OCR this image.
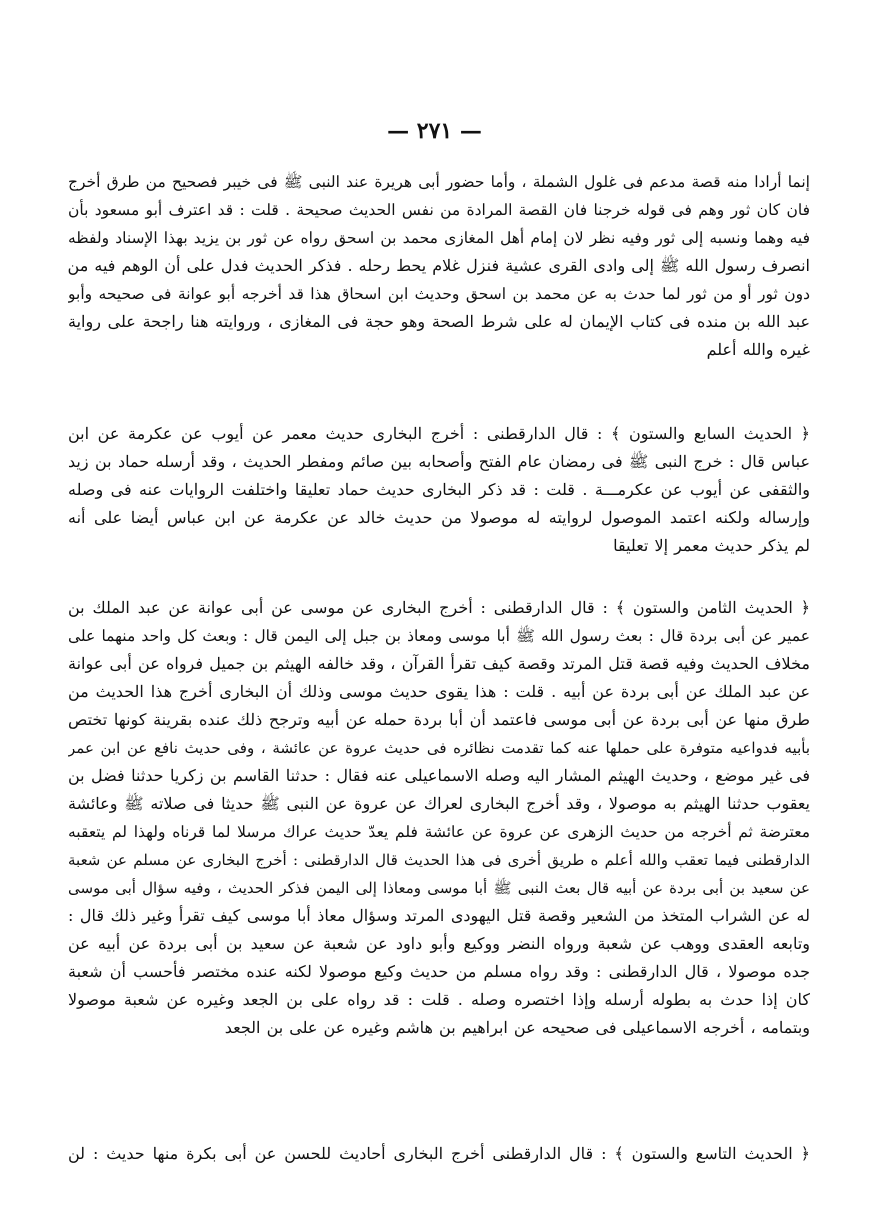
— ٢٧١ —
إنما أرادا منه قصة مدعم فى غلول الشملة ، وأما حضور أبى هريرة عند النبى ﷺ فى خيبر فصحيح من طرق أخرج
فان كان ثور وهم فى قوله خرجنا فان القصة المرادة من نفس الحديث صحيحة . قلت : قد اعترف أبو مسعود بأن
فيه وهما ونسبه إلى ثور وفيه نظر لان إمام أهل المغازى محمد بن اسحق رواه عن ثور بن يزيد بهذا الإسناد ولفظه
انصرف رسول الله ﷺ إلى وادى القرى عشية فنزل غلام يحط رحله . فذكر الحديث فدل على أن الوهم فيه من
دون ثور أو من ثور لما حدث به عن محمد بن اسحق وحديث ابن اسحاق هذا قد أخرجه أبو عوانة فى صحيحه وأبو
عبد الله بن منده فى كتاب الإيمان له على شرط الصحة وهو حجة فى المغازى ، وروايته هنا راجحة على رواية
غيره والله أعلم
﴿ الحديث السابع والستون ﴾ : قال الدارقطنى : أخرج البخارى حديث معمر عن أيوب عن عكرمة عن ابن
عباس قال : خرج النبى ﷺ فى رمضان عام الفتح وأصحابه بين صائم ومفطر الحديث ، وقد أرسله حماد بن زيد
والثقفى عن أيوب عن عكرمـــة . قلت : قد ذكر البخارى حديث حماد تعليقا واختلفت الروايات عنه فى وصله
وإرساله ولكنه اعتمد الموصول لروايته له موصولا من حديث خالد عن عكرمة عن ابن عباس أيضا على أنه
لم يذكر حديث معمر إلا تعليقا
﴿ الحديث الثامن والستون ﴾ : قال الدارقطنى : أخرج البخارى عن موسى عن أبى عوانة عن عبد الملك بن
عمير عن أبى بردة قال : بعث رسول الله ﷺ أبا موسى ومعاذ بن جبل إلى اليمن قال : وبعث كل واحد منهما على
مخلاف الحديث وفيه قصة قتل المرتد وقصة كيف تقرأ القرآن ، وقد خالفه الهيثم بن جميل فرواه عن أبى عوانة
عن عبد الملك عن أبى بردة عن أبيه . قلت : هذا يقوى حديث موسى وذلك أن البخارى أخرج هذا الحديث من
طرق منها عن أبى بردة عن أبى موسى فاعتمد أن أبا بردة حمله عن أبيه وترجح ذلك عنده بقرينة كونها تختص
بأبيه فدواعيه متوفرة على حملها عنه كما تقدمت نظائره فى حديث عروة عن عائشة ، وفى حديث نافع عن ابن عمر
فى غير موضع ، وحديث الهيثم المشار اليه وصله الاسماعيلى عنه فقال : حدثنا القاسم بن زكريا حدثنا فضل بن
يعقوب حدثنا الهيثم به موصولا ، وقد أخرج البخارى لعراك عن عروة عن النبى ﷺ حديثا فى صلاته ﷺ وعائشة
معترضة ثم أخرجه من حديث الزهرى عن عروة عن عائشة فلم يعدّ حديث عراك مرسلا لما قرناه ولهذا لم يتعقبه
الدارقطنى فيما تعقب والله أعلم ه طريق أخرى فى هذا الحديث قال الدارقطنى : أخرج البخارى عن مسلم عن شعبة
عن سعيد بن أبى بردة عن أبيه قال بعث النبى ﷺ أبا موسى ومعاذا إلى اليمن فذكر الحديث ، وفيه سؤال أبى موسى
له عن الشراب المتخذ من الشعير وقصة قتل اليهودى المرتد وسؤال معاذ أبا موسى كيف تقرأ وغير ذلك قال :
وتابعه العقدى ووهب عن شعبة ورواه النضر ووكيع وأبو داود عن شعبة عن سعيد بن أبى بردة عن أبيه عن
جده موصولا ، قال الدارقطنى : وقد رواه مسلم من حديث وكيع موصولا لكنه عنده مختصر فأحسب أن شعبة
كان إذا حدث به بطوله أرسله وإذا اختصره وصله . قلت : قد رواه على بن الجعد وغيره عن شعبة موصولا
وبتمامه ، أخرجه الاسماعيلى فى صحيحه عن ابراهيم بن هاشم وغيره عن على بن الجعد
﴿ الحديث التاسع والستون ﴾ : قال الدارقطنى أخرج البخارى أحاديث للحسن عن أبى بكرة منها حديث : لن
